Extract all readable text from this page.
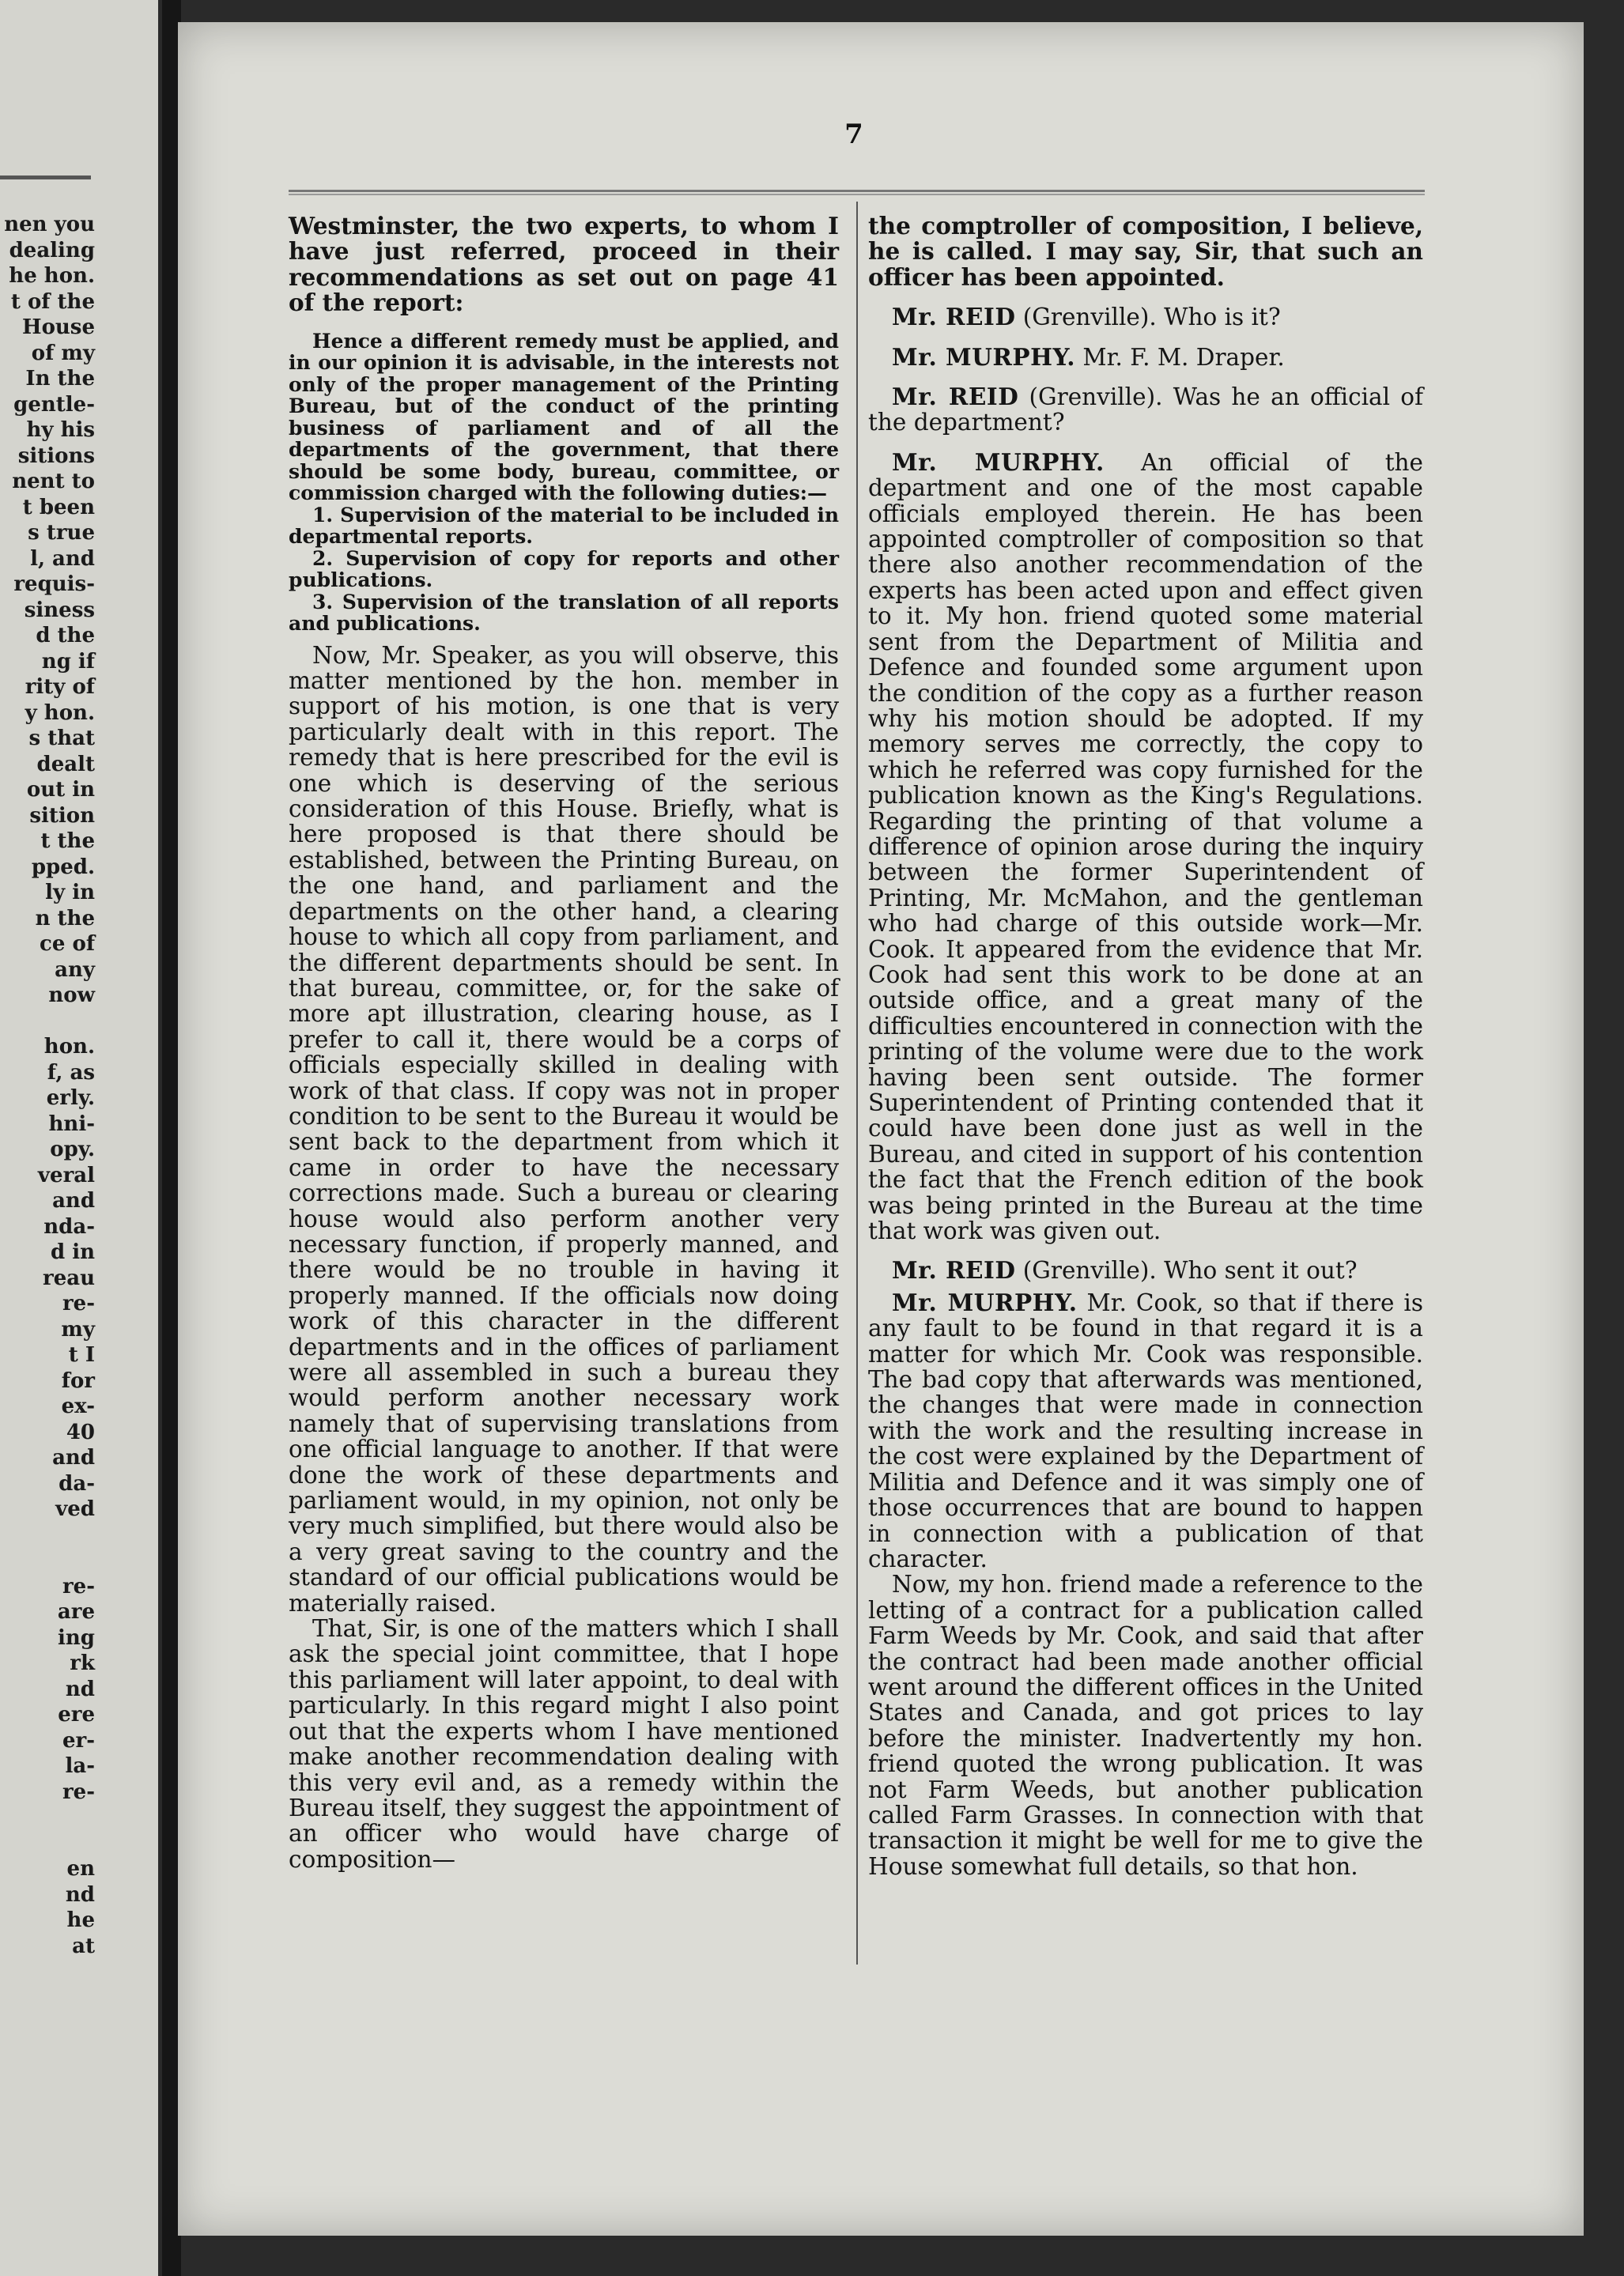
nen you
dealing
he hon.
t of the
House
of my
In the
gentle-
hy his
sitions
nent to
t been
s true
l, and
requis-
siness
d the
ng if
rity of
y hon.
s that
dealt
out in
sition
t the
pped.
ly in
n the
ce of
any
now
hon.
f, as
erly.
hni-
opy.
veral
and
nda-
d in
reau
re-
my
t I
for
ex-
40
and
da-
ved
re-
are
ing
rk
nd
ere
er-
la-
re-
en
nd
he
at
7

Westminster, the two experts, to whom I have just referred, proceed in their recommendations as set out on page 41 of the report:

Hence a different remedy must be applied, and in our opinion it is advisable, in the interests not only of the proper management of the Printing Bureau, but of the conduct of the printing business of parliament and of all the departments of the government, that there should be some body, bureau, committee, or commission charged with the following duties:—

1. Supervision of the material to be included in departmental reports.

2. Supervision of copy for reports and other publications.

3. Supervision of the translation of all reports and publications.

Now, Mr. Speaker, as you will observe, this matter mentioned by the hon. member in support of his motion, is one that is very particularly dealt with in this report. The remedy that is here prescribed for the evil is one which is deserving of the serious consideration of this House. Briefly, what is here proposed is that there should be established, between the Printing Bureau, on the one hand, and parliament and the departments on the other hand, a clearing house to which all copy from parliament, and the different departments should be sent. In that bureau, committee, or, for the sake of more apt illustration, clearing house, as I prefer to call it, there would be a corps of officials especially skilled in dealing with work of that class. If copy was not in proper condition to be sent to the Bureau it would be sent back to the department from which it came in order to have the necessary corrections made. Such a bureau or clearing house would also perform another very necessary function, if properly manned, and there would be no trouble in having it properly manned. If the officials now doing work of this character in the different departments and in the offices of parliament were all assembled in such a bureau they would perform another necessary work namely that of supervising translations from one official language to another. If that were done the work of these departments and parliament would, in my opinion, not only be very much simplified, but there would also be a very great saving to the country and the standard of our official publications would be materially raised.

That, Sir, is one of the matters which I shall ask the special joint committee, that I hope this parliament will later appoint, to deal with particularly. In this regard might I also point out that the experts whom I have mentioned make another recommendation dealing with this very evil and, as a remedy within the Bureau itself, they suggest the appointment of an officer who would have charge of composition—

the comptroller of composition, I believe, he is called. I may say, Sir, that such an officer has been appointed.

Mr. REID (Grenville). Who is it?

Mr. MURPHY. Mr. F. M. Draper.

Mr. REID (Grenville). Was he an official of the department?

Mr. MURPHY. An official of the department and one of the most capable officials employed therein. He has been appointed comptroller of composition so that there also another recommendation of the experts has been acted upon and effect given to it. My hon. friend quoted some material sent from the Department of Militia and Defence and founded some argument upon the condition of the copy as a further reason why his motion should be adopted. If my memory serves me correctly, the copy to which he referred was copy furnished for the publication known as the King's Regulations. Regarding the printing of that volume a difference of opinion arose during the inquiry between the former Superintendent of Printing, Mr. McMahon, and the gentleman who had charge of this outside work—Mr. Cook. It appeared from the evidence that Mr. Cook had sent this work to be done at an outside office, and a great many of the difficulties encountered in connection with the printing of the volume were due to the work having been sent outside. The former Superintendent of Printing contended that it could have been done just as well in the Bureau, and cited in support of his contention the fact that the French edition of the book was being printed in the Bureau at the time that work was given out.

Mr. REID (Grenville). Who sent it out?

Mr. MURPHY. Mr. Cook, so that if there is any fault to be found in that regard it is a matter for which Mr. Cook was responsible. The bad copy that afterwards was mentioned, the changes that were made in connection with the work and the resulting increase in the cost were explained by the Department of Militia and Defence and it was simply one of those occurrences that are bound to happen in connection with a publication of that character.

Now, my hon. friend made a reference to the letting of a contract for a publication called Farm Weeds by Mr. Cook, and said that after the contract had been made another official went around the different offices in the United States and Canada, and got prices to lay before the minister. Inadvertently my hon. friend quoted the wrong publication. It was not Farm Weeds, but another publication called Farm Grasses. In connection with that transaction it might be well for me to give the House somewhat full details, so that hon.
